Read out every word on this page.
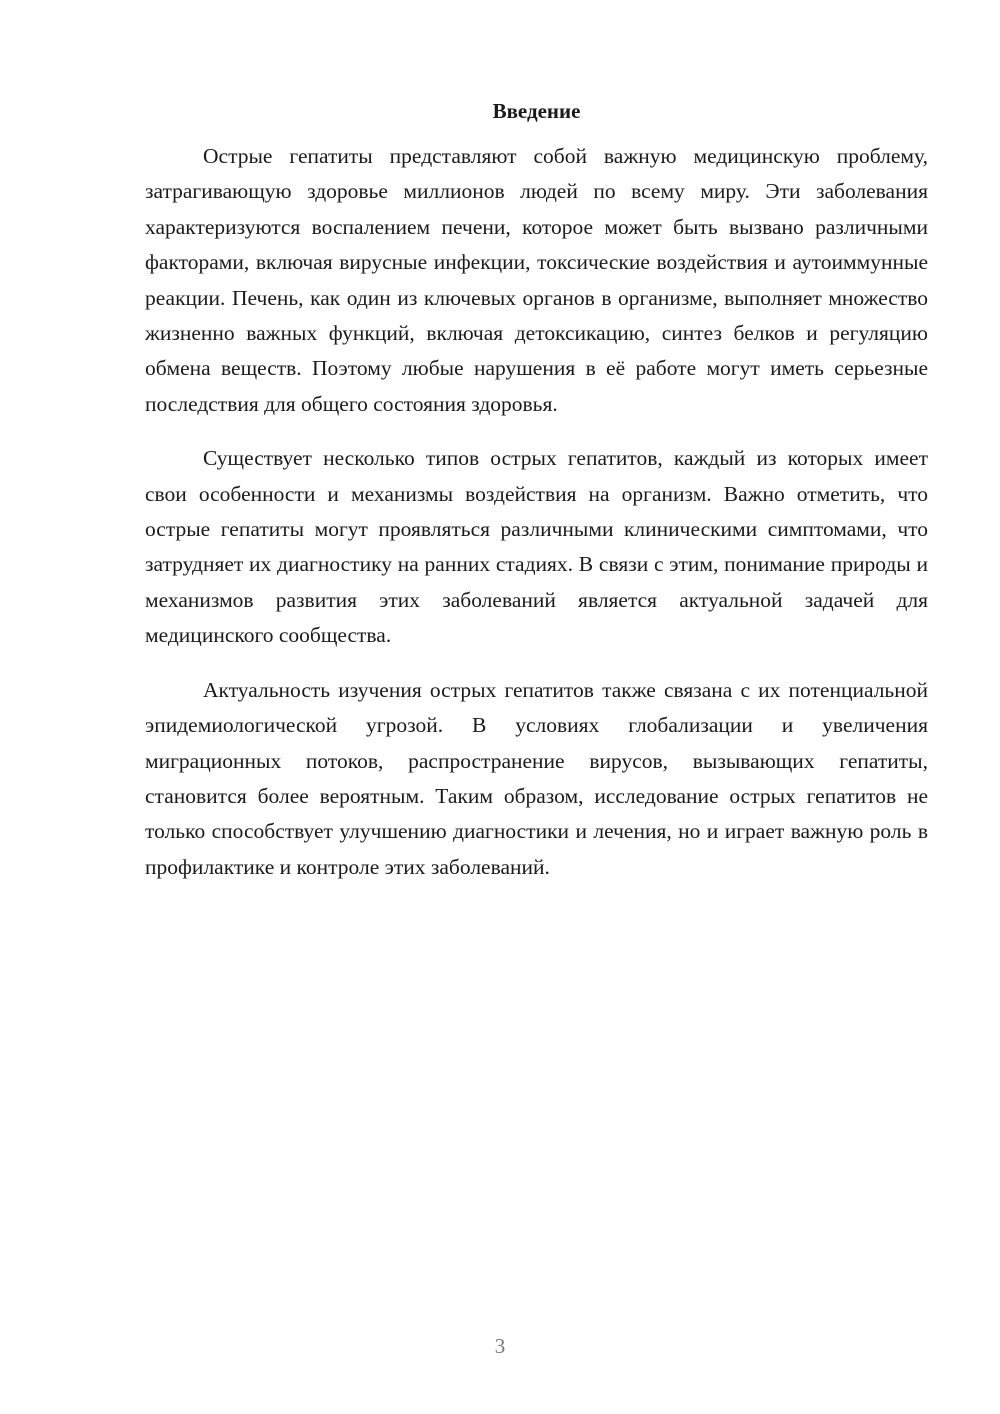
Введение

Острые гепатиты представляют собой важную медицинскую проблему, затрагивающую здоровье миллионов людей по всему миру. Эти заболевания характеризуются воспалением печени, которое может быть вызвано различными факторами, включая вирусные инфекции, токсические воздействия и аутоиммунные реакции. Печень, как один из ключевых органов в организме, выполняет множество жизненно важных функций, включая детоксикацию, синтез белков и регуляцию обмена веществ. Поэтому любые нарушения в её работе могут иметь серьезные последствия для общего состояния здоровья.

Существует несколько типов острых гепатитов, каждый из которых имеет свои особенности и механизмы воздействия на организм. Важно отметить, что острые гепатиты могут проявляться различными клиническими симптомами, что затрудняет их диагностику на ранних стадиях. В связи с этим, понимание природы и механизмов развития этих заболеваний является актуальной задачей для медицинского сообщества.

Актуальность изучения острых гепатитов также связана с их потенциальной эпидемиологической угрозой. В условиях глобализации и увеличения миграционных потоков, распространение вирусов, вызывающих гепатиты, становится более вероятным. Таким образом, исследование острых гепатитов не только способствует улучшению диагностики и лечения, но и играет важную роль в профилактике и контроле этих заболеваний.

3
